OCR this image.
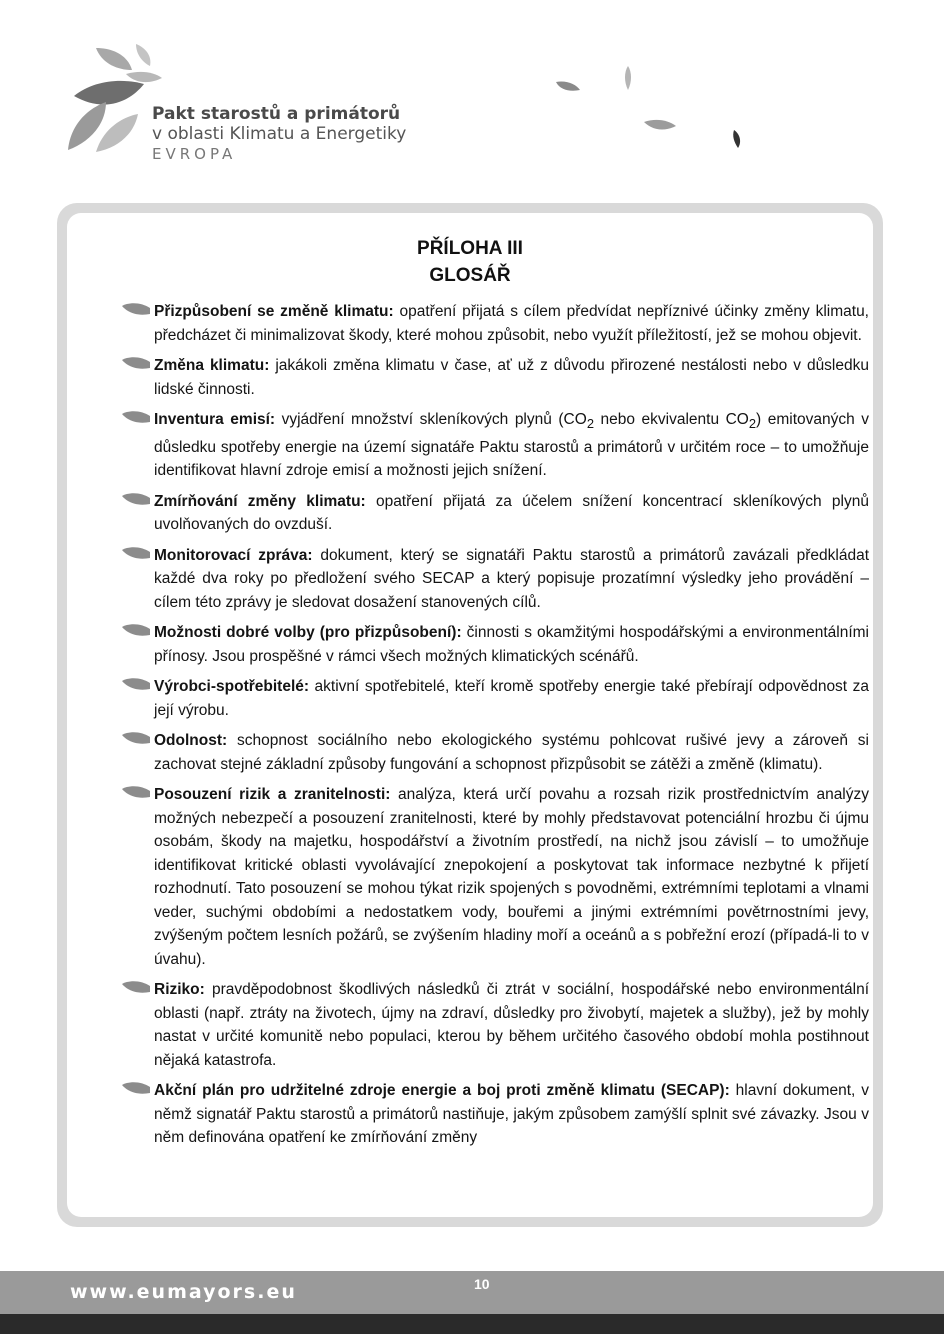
Pakt starostů a primátorů
v oblasti Klimatu a Energetiky
EVROPA
PŘÍLOHA III
GLOSÁŘ

Přizpůsobení se změně klimatu: opatření přijatá s cílem předvídat nepříznivé účinky změny klimatu, předcházet či minimalizovat škody, které mohou způsobit, nebo využít příležitostí, jež se mohou objevit.

Změna klimatu: jakákoli změna klimatu v čase, ať už z důvodu přirozené nestálosti nebo v důsledku lidské činnosti.

Inventura emisí: vyjádření množství skleníkových plynů ($CO_2$ nebo ekvivalentu $CO_2$) emitovaných v důsledku spotřeby energie na území signatáře Paktu starostů a primátorů v určitém roce – to umožňuje identifikovat hlavní zdroje emisí a možnosti jejich snížení.

Zmírňování změny klimatu: opatření přijatá za účelem snížení koncentrací skleníkových plynů uvolňovaných do ovzduší.

Monitorovací zpráva: dokument, který se signatáři Paktu starostů a primátorů zavázali předkládat každé dva roky po předložení svého SECAP a který popisuje prozatímní výsledky jeho provádění – cílem této zprávy je sledovat dosažení stanovených cílů.

Možnosti dobré volby (pro přizpůsobení): činnosti s okamžitými hospodářskými a environmentálními přínosy. Jsou prospěšné v rámci všech možných klimatických scénářů.

Výrobci-spotřebitelé: aktivní spotřebitelé, kteří kromě spotřeby energie také přebírají odpovědnost za její výrobu.

Odolnost: schopnost sociálního nebo ekologického systému pohlcovat rušivé jevy a zároveň si zachovat stejné základní způsoby fungování a schopnost přizpůsobit se zátěži a změně (klimatu).

Posouzení rizik a zranitelnosti: analýza, která určí povahu a rozsah rizik prostřednictvím analýzy možných nebezpečí a posouzení zranitelnosti, které by mohly představovat potenciální hrozbu či újmu osobám, škody na majetku, hospodářství a životním prostředí, na nichž jsou závislí – to umožňuje identifikovat kritické oblasti vyvolávající znepokojení a poskytovat tak informace nezbytné k přijetí rozhodnutí. Tato posouzení se mohou týkat rizik spojených s povodněmi, extrémními teplotami a vlnami veder, suchými obdobími a nedostatkem vody, bouřemi a jinými extrémními povětrnostními jevy, zvýšeným počtem lesních požárů, se zvýšením hladiny moří a oceánů a s pobřežní erozí (případá-li to v úvahu).

Riziko: pravděpodobnost škodlivých následků či ztrát v sociální, hospodářské nebo environmentální oblasti (např. ztráty na životech, újmy na zdraví, důsledky pro živobytí, majetek a služby), jež by mohly nastat v určité komunitě nebo populaci, kterou by během určitého časového období mohla postihnout nějaká katastrofa.

Akční plán pro udržitelné zdroje energie a boj proti změně klimatu (SECAP): hlavní dokument, v němž signatář Paktu starostů a primátorů nastiňuje, jakým způsobem zamýšlí splnit své závazky. Jsou v něm definována opatření ke zmírňování změny

www.eumayors.eu	10
